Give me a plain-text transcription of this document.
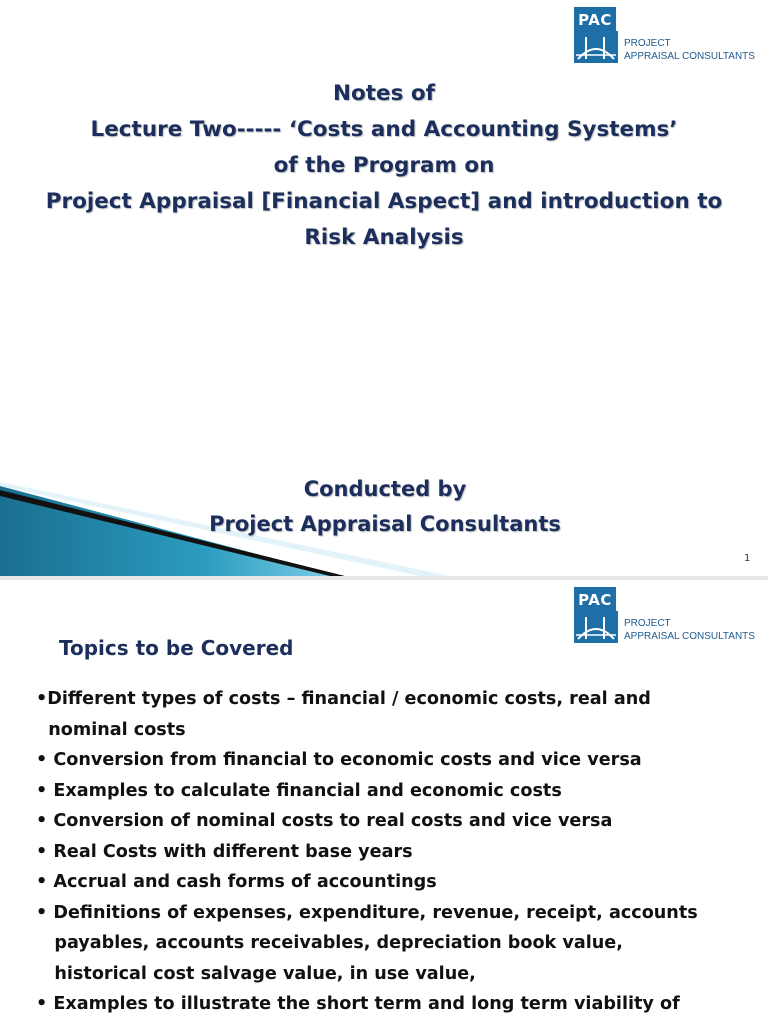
PAC
PROJECT
APPRAISAL CONSULTANTS
Notes of
Lecture Two----- ‘Costs and Accounting Systems’
of the Program on
Project Appraisal [Financial Aspect] and introduction to
Risk Analysis
Conducted by
Project Appraisal Consultants
1
PAC
PROJECT
APPRAISAL CONSULTANTS
Topics to be Covered
•Different types of costs – financial / economic costs, real and
nominal costs
• Conversion from financial to economic costs and vice versa
• Examples to calculate financial and economic costs
• Conversion of nominal costs to real costs and vice versa
• Real Costs with different base years
• Accrual and cash forms of accountings
• Definitions of expenses, expenditure, revenue, receipt, accounts
payables, accounts receivables, depreciation book value,
historical cost salvage value, in use value,
• Examples to illustrate the short term and long term viability of
